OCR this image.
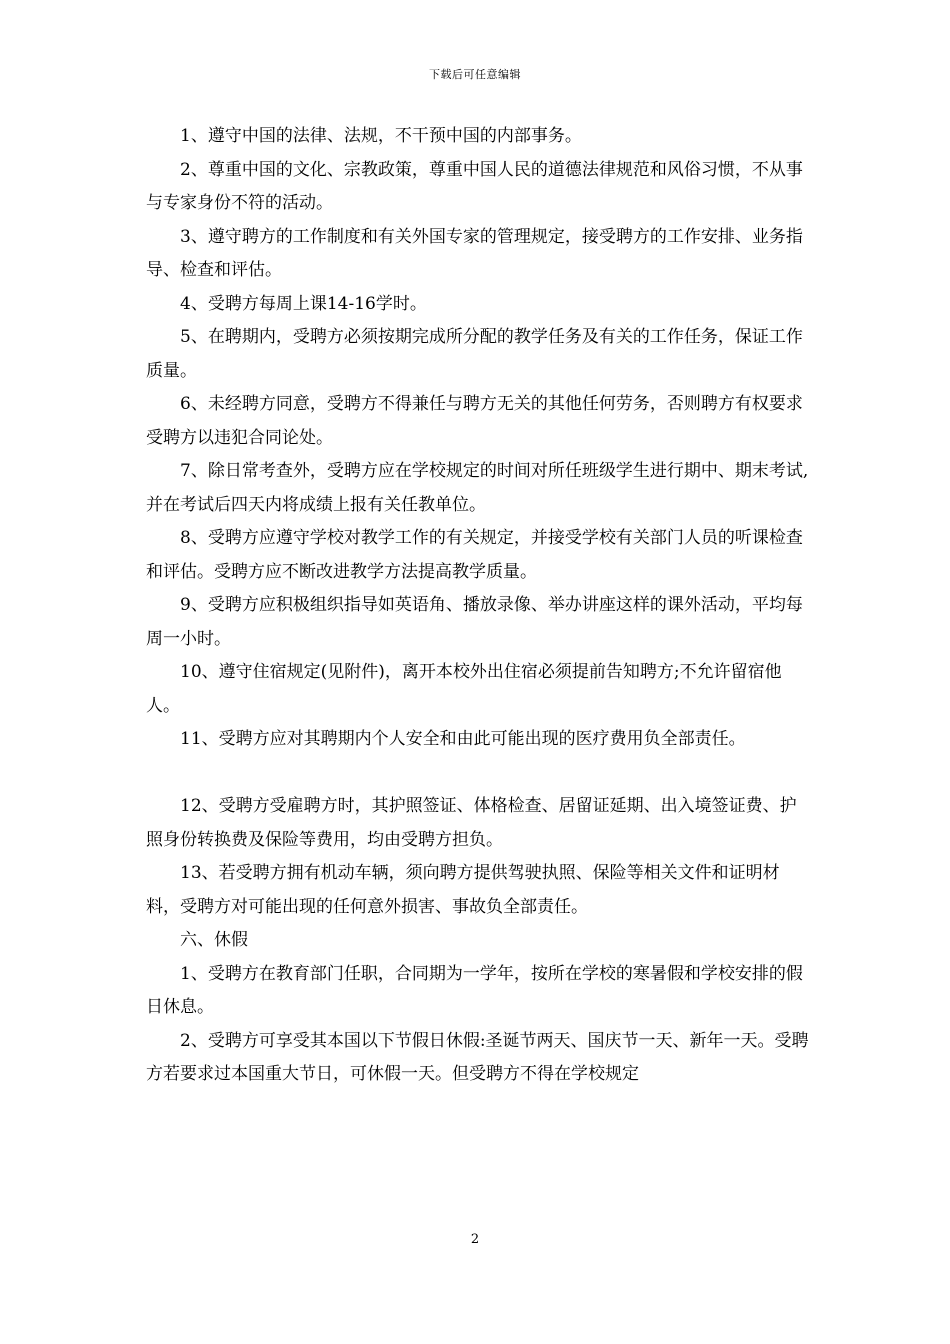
下载后可任意编辑

1、遵守中国的法律、法规，不干预中国的内部事务。

2、尊重中国的文化、宗教政策，尊重中国人民的道德法律规范和风俗习惯，不从事与专家身份不符的活动。

3、遵守聘方的工作制度和有关外国专家的管理规定，接受聘方的工作安排、业务指导、检查和评估。

4、受聘方每周上课14-16学时。

5、在聘期内，受聘方必须按期完成所分配的教学任务及有关的工作任务，保证工作质量。

6、未经聘方同意，受聘方不得兼任与聘方无关的其他任何劳务，否则聘方有权要求受聘方以违犯合同论处。

7、除日常考查外，受聘方应在学校规定的时间对所任班级学生进行期中、期末考试,并在考试后四天内将成绩上报有关任教单位。

8、受聘方应遵守学校对教学工作的有关规定，并接受学校有关部门人员的听课检查和评估。受聘方应不断改进教学方法提高教学质量。

9、受聘方应积极组织指导如英语角、播放录像、举办讲座这样的课外活动，平均每周一小时。

10、遵守住宿规定(见附件)，离开本校外出住宿必须提前告知聘方;不允许留宿他人。

11、受聘方应对其聘期内个人安全和由此可能出现的医疗费用负全部责任。

12、受聘方受雇聘方时，其护照签证、体格检查、居留证延期、出入境签证费、护照身份转换费及保险等费用，均由受聘方担负。

13、若受聘方拥有机动车辆，须向聘方提供驾驶执照、保险等相关文件和证明材料，受聘方对可能出现的任何意外损害、事故负全部责任。

六、休假

1、受聘方在教育部门任职，合同期为一学年，按所在学校的寒暑假和学校安排的假日休息。

2、受聘方可享受其本国以下节假日休假:圣诞节两天、国庆节一天、新年一天。受聘方若要求过本国重大节日，可休假一天。但受聘方不得在学校规定

2
